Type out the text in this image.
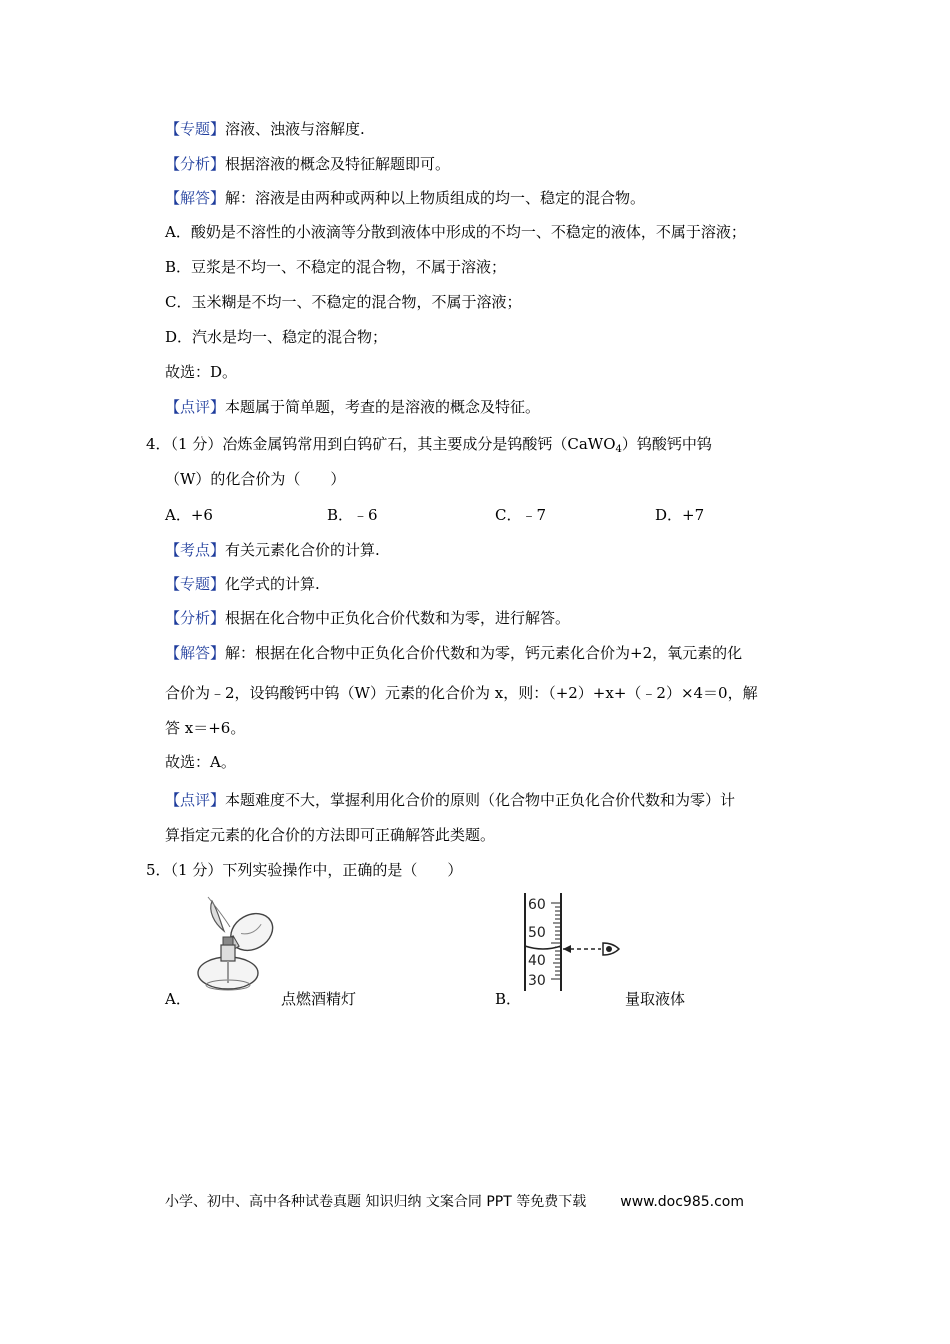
【专题】溶液、浊液与溶解度.
【分析】根据溶液的概念及特征解题即可。
【解答】解：溶液是由两种或两种以上物质组成的均一、稳定的混合物。
A．酸奶是不溶性的小液滴等分散到液体中形成的不均一、不稳定的液体，不属于溶液；
B．豆浆是不均一、不稳定的混合物，不属于溶液；
C．玉米糊是不均一、不稳定的混合物，不属于溶液；
D．汽水是均一、稳定的混合物；
故选：D。
【点评】本题属于简单题，考查的是溶液的概念及特征。
4．（1 分）冶炼金属钨常用到白钨矿石，其主要成分是钨酸钙（CaWO$_4$）钨酸钙中钨
（W）的化合价为（　　）
A．+6	B．﹣6	C．﹣7	D．+7
【考点】有关元素化合价的计算.
【专题】化学式的计算.
【分析】根据在化合物中正负化合价代数和为零，进行解答。
【解答】解：根据在化合物中正负化合价代数和为零，钙元素化合价为+2，氧元素的化
合价为﹣2，设钨酸钙中钨（W）元素的化合价为 x，则：（+2）+x+（﹣2）×4＝0，解
答 x＝+6。
故选：A。
【点评】本题难度不大，掌握利用化合价的原则（化合物中正负化合价代数和为零）计
算指定元素的化合价的方法即可正确解答此类题。
5．（1 分）下列实验操作中，正确的是（　　）
A．	点燃酒精灯
60
50
40
30
B．	量取液体
小学、初中、高中各种试卷真题 知识归纳 文案合同 PPT 等免费下载 www.doc985.com
